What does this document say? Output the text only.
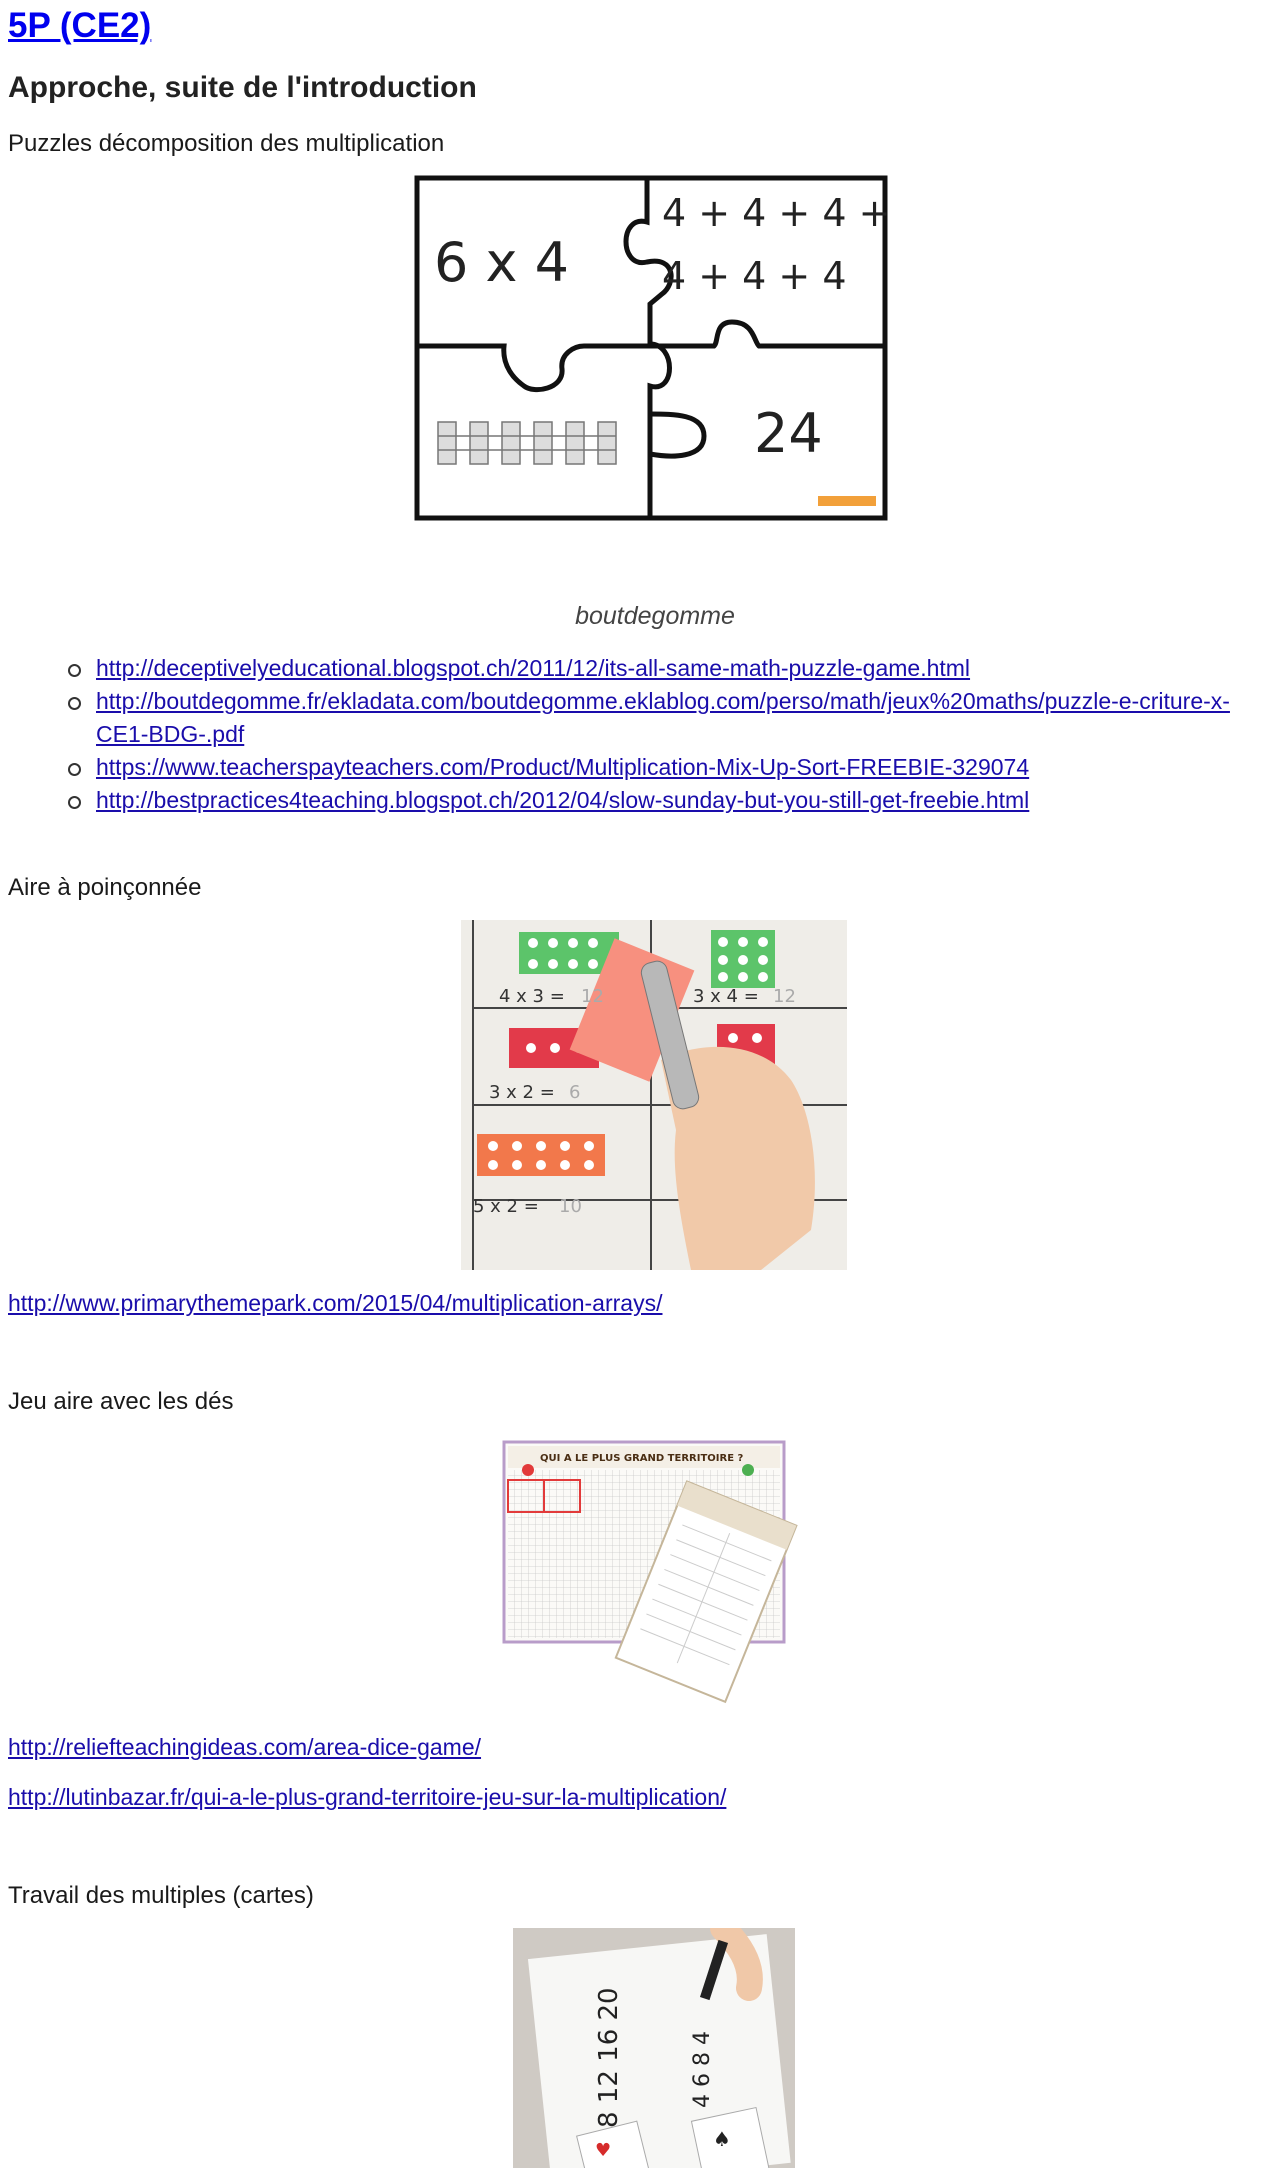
5P (CE2)
Approche, suite de l'introduction
Puzzles décomposition des multiplication
6 x 4
4 + 4 + 4 +
4 + 4 + 4
24
boutdegomme
http://deceptivelyeducational.blogspot.ch/2011/12/its-all-same-math-puzzle-game.html
http://boutdegomme.fr/ekladata.com/boutdegomme.eklablog.com/perso/math/jeux%20maths/puzzle-e-criture-x-
CE1-BDG-.pdf
https://www.teacherspayteachers.com/Product/Multiplication-Mix-Up-Sort-FREEBIE-329074
http://bestpractices4teaching.blogspot.ch/2012/04/slow-sunday-but-you-still-get-freebie.html
Aire à poinçonnée
4 x 3 = 12	3 x 4 = 12
3 x 2 = 6
5 x 2 = 10
http://www.primarythemepark.com/2015/04/multiplication-arrays/
Jeu aire avec les dés
QUI A LE PLUS GRAND TERRITOIRE ?
http://reliefteachingideas.com/area-dice-game/
http://lutinbazar.fr/qui-a-le-plus-grand-territoire-jeu-sur-la-multiplication/
Travail des multiples (cartes)
8 12 16 20	4 6 8 4
♥	♠
